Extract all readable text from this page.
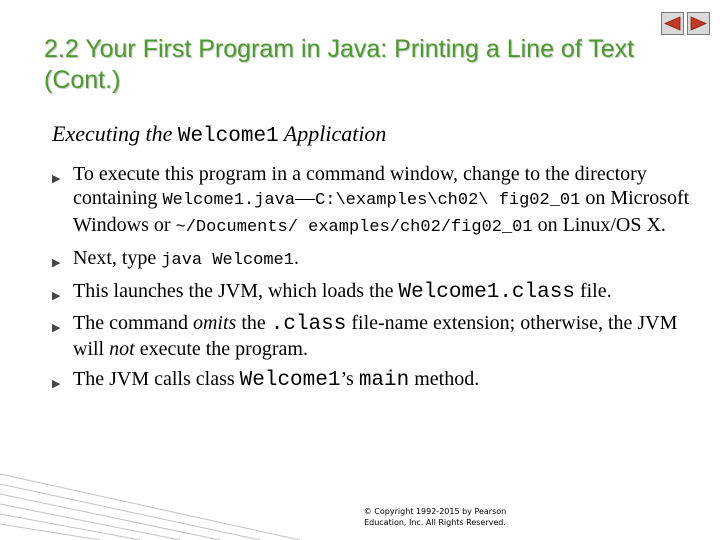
2.2 Your First Program in Java: Printing a Line of Text (Cont.)
Executing the Welcome1 Application
▶ To execute this program in a command window, change to the directory containing Welcome1.java—C:\examples\ch02\ fig02_01 on Microsoft Windows or ~/Documents/ examples/ch02/fig02_01 on Linux/OS X.
▶ Next, type java Welcome1.
▶ This launches the JVM, which loads the Welcome1.class file.
▶ The command omits the .class file-name extension; otherwise, the JVM will not execute the program.
▶ The JVM calls class Welcome1’s main method.
© Copyright 1992-2015 by Pearson
Education, Inc. All Rights Reserved.
